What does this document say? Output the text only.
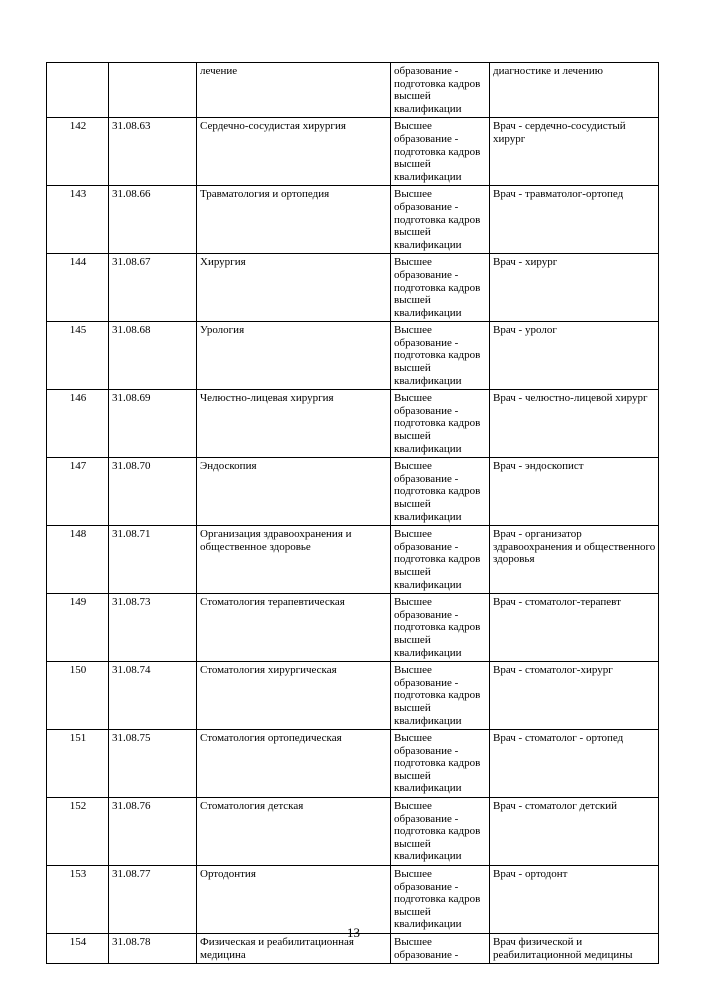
		лечение	образование - подготовка кадров высшей квалификации	диагностике и лечению
142	31.08.63	Сердечно-сосудистая хирургия	Высшее образование - подготовка кадров высшей квалификации	Врач - сердечно-сосудистый хирург
143	31.08.66	Травматология и ортопедия	Высшее образование - подготовка кадров высшей квалификации	Врач - травматолог-ортопед
144	31.08.67	Хирургия	Высшее образование - подготовка кадров высшей квалификации	Врач - хирург
145	31.08.68	Урология	Высшее образование - подготовка кадров высшей квалификации	Врач - уролог
146	31.08.69	Челюстно-лицевая хирургия	Высшее образование - подготовка кадров высшей квалификации	Врач - челюстно-лицевой хирург
147	31.08.70	Эндоскопия	Высшее образование - подготовка кадров высшей квалификации	Врач - эндоскопист
148	31.08.71	Организация здравоохранения и общественное здоровье	Высшее образование - подготовка кадров высшей квалификации	Врач - организатор здравоохранения и общественного здоровья
149	31.08.73	Стоматология терапевтическая	Высшее образование - подготовка кадров высшей квалификации	Врач - стоматолог-терапевт
150	31.08.74	Стоматология хирургическая	Высшее образование - подготовка кадров высшей квалификации	Врач - стоматолог-хирург
151	31.08.75	Стоматология ортопедическая	Высшее образование - подготовка кадров высшей квалификации	Врач - стоматолог - ортопед
152	31.08.76	Стоматология детская	Высшее образование - подготовка кадров высшей квалификации	Врач - стоматолог детский
153	31.08.77	Ортодонтия	Высшее образование - подготовка кадров высшей квалификации	Врач - ортодонт
154	31.08.78	Физическая и реабилитационная медицина	Высшее образование -	Врач физической и реабилитационной медицины
13
